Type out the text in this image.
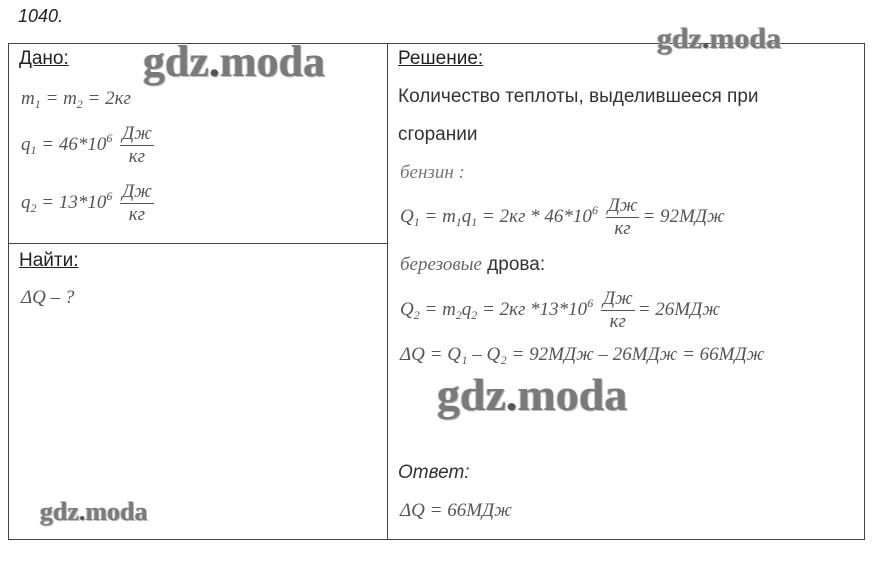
1040.
Дано:
$m_1 = m_2 = 2кг$
$q_1 = 46*10^6 \frac{Дж}{кг}$
$q_2 = 13*10^6 \frac{Дж}{кг}$
Найти:
ΔQ – ?
Решение:
Количество теплоты, выделившееся при
сгорании
бензин :
$Q_1 = m_1q_1 = 2кг * 46*10^6 \frac{Дж}{кг} = 92МДж$
березовые дрова:
$Q_2 = m_2q_2 = 2кг$ $*13*10^6 \frac{Дж}{кг} = 26МДж$
ΔQ = Q₁ – Q₂ = 92МДж – 26МДж = 66МДж
Ответ:
ΔQ = 66МДж
gdz.moda	gdz.moda
gdz.moda
gdz.moda
